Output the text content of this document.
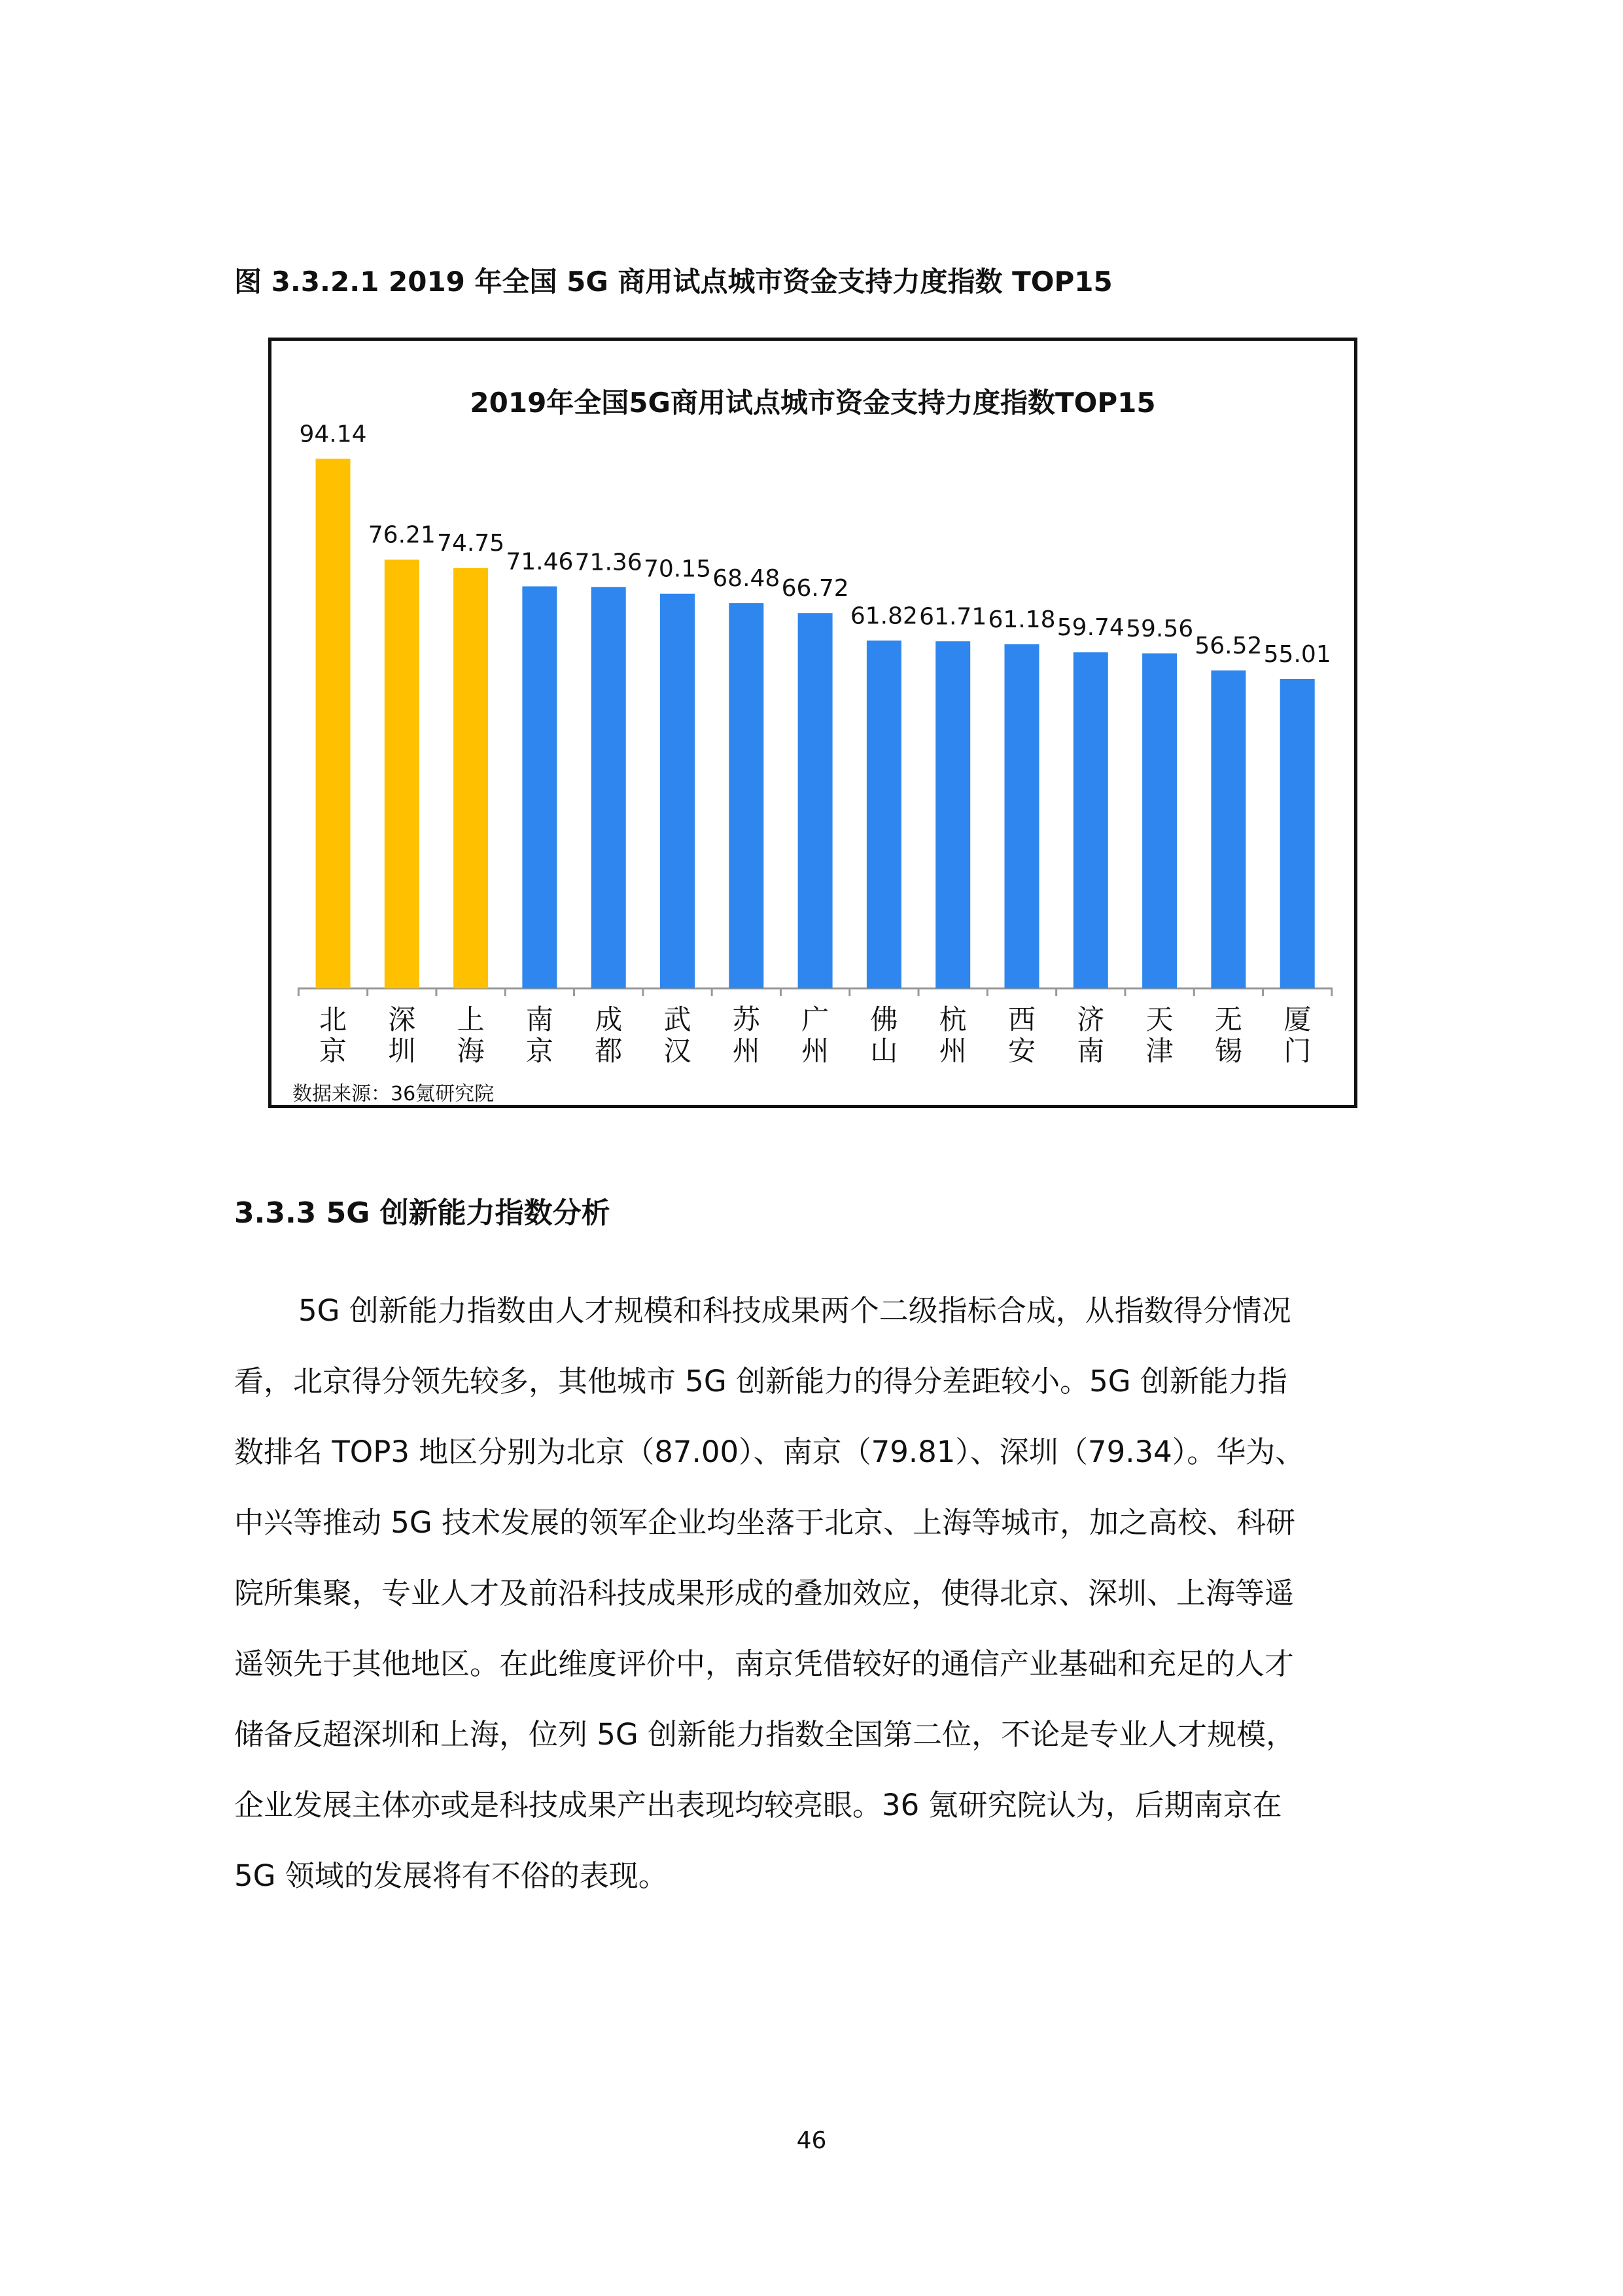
图 3.3.2.1 2019 年全国 5G 商用试点城市资金支持力度指数 TOP15
2019年全国5G商用试点城市资金支持力度指数TOP15
94.14
北
京
76.21
深
圳
74.75
上
海
71.46
南
京
71.36
成
都
70.15
武
汉
68.48
苏
州
66.72
广
州
61.82
佛
山
61.71
杭
州
61.18
西
安
59.74
济
南
59.56
天
津
56.52
无
锡
55.01
厦
门
数据来源：36氪研究院
3.3.3 5G 创新能力指数分析
5G 创新能力指数由人才规模和科技成果两个二级指标合成，从指数得分情况
看，北京得分领先较多，其他城市 5G 创新能力的得分差距较小。5G 创新能力指
数排名 TOP3 地区分别为北京（87.00）、南京（79.81）、深圳（79.34）。华为、
中兴等推动 5G 技术发展的领军企业均坐落于北京、上海等城市，加之高校、科研
院所集聚，专业人才及前沿科技成果形成的叠加效应，使得北京、深圳、上海等遥
遥领先于其他地区。在此维度评价中，南京凭借较好的通信产业基础和充足的人才
储备反超深圳和上海，位列 5G 创新能力指数全国第二位，不论是专业人才规模，
企业发展主体亦或是科技成果产出表现均较亮眼。36 氪研究院认为，后期南京在
5G 领域的发展将有不俗的表现。
46
